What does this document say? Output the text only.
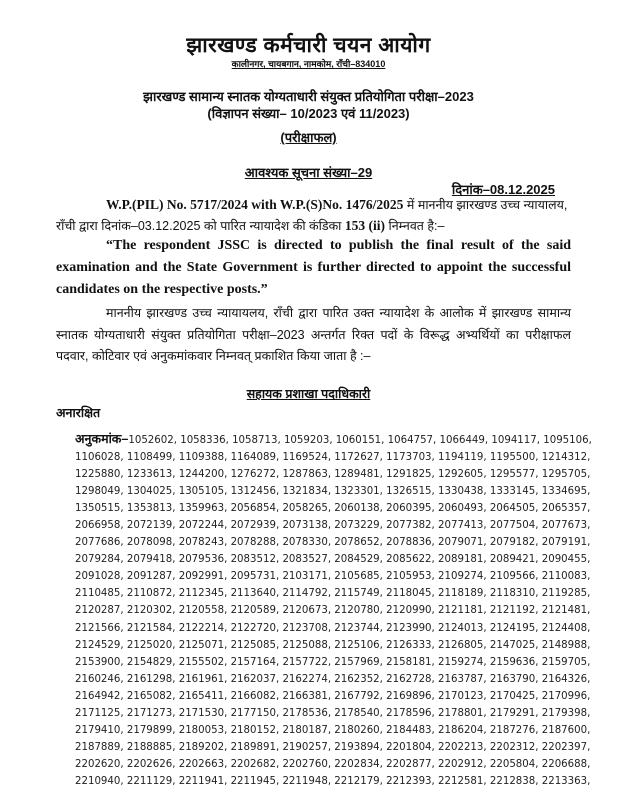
झारखण्ड कर्मचारी चयन आयोग
कालीनगर, चायबगान, नामकोम, राँची–834010
झारखण्ड सामान्य स्नातक योग्यताधारी संयुक्त प्रतियोगिता परीक्षा–2023
(विज्ञापन संख्या– 10/2023 एवं 11/2023)
(परीक्षाफल)
आवश्यक सूचना संख्या–29
दिनांक–08.12.2025
W.P.(PIL) No. 5717/2024 with W.P.(S)No. 1476/2025 में माननीय झारखण्ड उच्च न्यायालय,
राँची द्वारा दिनांक–03.12.2025 को पारित न्यायादेश की कंडिका 153 (ii) निम्नवत है:–
“The respondent JSSC is directed to publish the final result of the said examination and the State Government is further directed to appoint the successful candidates on the respective posts.”
माननीय झारखण्ड उच्च न्यायायलय, राँची द्वारा पारित उक्त न्यायादेश के आलोक में झारखण्ड सामान्य स्नातक योग्यताधारी संयुक्त प्रतियोगिता परीक्षा–2023 अन्तर्गत रिक्त पदों के विरूद्ध अभ्यर्थियों का परीक्षाफल पदवार, कोटिवार एवं अनुकमांकवार निम्नवत् प्रकाशित किया जाता है :–
सहायक प्रशाखा पदाधिकारी
अनारक्षित
अनुकमांक–1052602, 1058336, 1058713, 1059203, 1060151, 1064757, 1066449, 1094117, 1095106,
1106028, 1108499, 1109388, 1164089, 1169524, 1172627, 1173703, 1194119, 1195500, 1214312,
1225880, 1233613, 1244200, 1276272, 1287863, 1289481, 1291825, 1292605, 1295577, 1295705,
1298049, 1304025, 1305105, 1312456, 1321834, 1323301, 1326515, 1330438, 1333145, 1334695,
1350515, 1353813, 1359963, 2056854, 2058265, 2060138, 2060395, 2060493, 2064505, 2065357,
2066958, 2072139, 2072244, 2072939, 2073138, 2073229, 2077382, 2077413, 2077504, 2077673,
2077686, 2078098, 2078243, 2078288, 2078330, 2078652, 2078836, 2079071, 2079182, 2079191,
2079284, 2079418, 2079536, 2083512, 2083527, 2084529, 2085622, 2089181, 2089421, 2090455,
2091028, 2091287, 2092991, 2095731, 2103171, 2105685, 2105953, 2109274, 2109566, 2110083,
2110485, 2110872, 2112345, 2113640, 2114792, 2115749, 2118045, 2118189, 2118310, 2119285,
2120287, 2120302, 2120558, 2120589, 2120673, 2120780, 2120990, 2121181, 2121192, 2121481,
2121566, 2121584, 2122214, 2122720, 2123708, 2123744, 2123990, 2124013, 2124195, 2124408,
2124529, 2125020, 2125071, 2125085, 2125088, 2125106, 2126333, 2126805, 2147025, 2148988,
2153900, 2154829, 2155502, 2157164, 2157722, 2157969, 2158181, 2159274, 2159636, 2159705,
2160246, 2161298, 2161961, 2162037, 2162274, 2162352, 2162728, 2163787, 2163790, 2164326,
2164942, 2165082, 2165411, 2166082, 2166381, 2167792, 2169896, 2170123, 2170425, 2170996,
2171125, 2171273, 2171530, 2177150, 2178536, 2178540, 2178596, 2178801, 2179291, 2179398,
2179410, 2179899, 2180053, 2180152, 2180187, 2180260, 2184483, 2186204, 2187276, 2187600,
2187889, 2188885, 2189202, 2189891, 2190257, 2193894, 2201804, 2202213, 2202312, 2202397,
2202620, 2202626, 2202663, 2202682, 2202760, 2202834, 2202877, 2202912, 2205804, 2206688,
2210940, 2211129, 2211941, 2211945, 2211948, 2212179, 2212393, 2212581, 2212838, 2213363,
